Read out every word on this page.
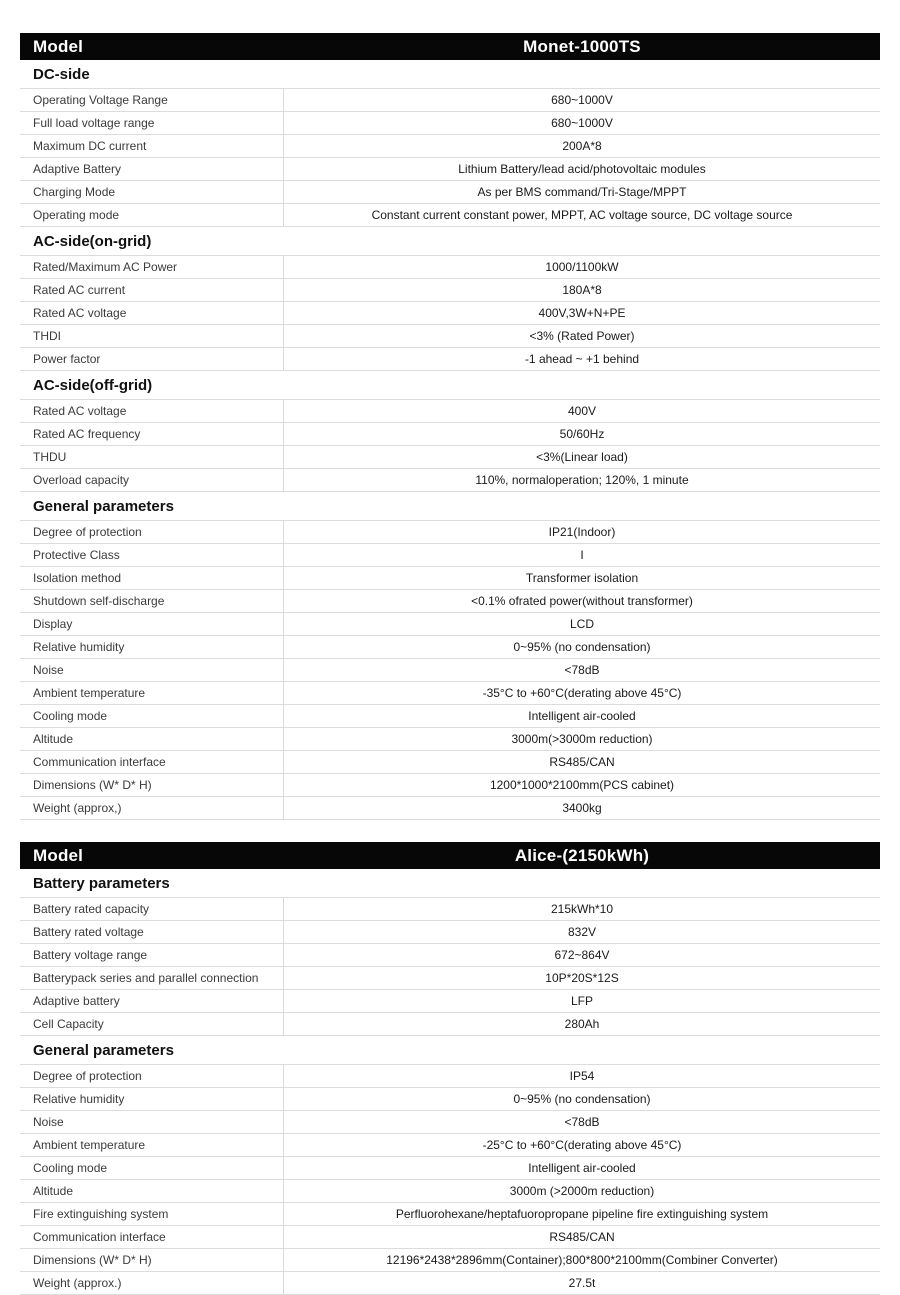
Model	Monet-1000TS
DC-side
Operating Voltage Range	680~1000V
Full load voltage range	680~1000V
Maximum DC current	200A*8
Adaptive Battery	Lithium Battery/lead acid/photovoltaic modules
Charging Mode	As per BMS command/Tri-Stage/MPPT
Operating mode	Constant current constant power, MPPT, AC voltage source, DC voltage source
AC-side(on-grid)
Rated/Maximum AC Power	1000/1100kW
Rated AC current	180A*8
Rated AC voltage	400V,3W+N+PE
THDI	<3% (Rated Power)
Power factor	-1 ahead ~ +1 behind
AC-side(off-grid)
Rated AC voltage	400V
Rated AC frequency	50/60Hz
THDU	<3%(Linear load)
Overload capacity	110%, normaloperation; 120%, 1 minute
General parameters
Degree of protection	IP21(Indoor)
Protective Class	I
Isolation method	Transformer isolation
Shutdown self-discharge	<0.1% ofrated power(without transformer)
Display	LCD
Relative humidity	0~95% (no condensation)
Noise	<78dB
Ambient temperature	-35°C to +60°C(derating above 45°C)
Cooling mode	Intelligent air-cooled
Altitude	3000m(>3000m reduction)
Communication interface	RS485/CAN
Dimensions (W* D* H)	1200*1000*2100mm(PCS cabinet)
Weight (approx,)	3400kg
Model	Alice-(2150kWh)
Battery parameters
Battery rated capacity	215kWh*10
Battery rated voltage	832V
Battery voltage range	672~864V
Batterypack series and parallel connection	10P*20S*12S
Adaptive battery	LFP
Cell Capacity	280Ah
General parameters
Degree of protection	IP54
Relative humidity	0~95% (no condensation)
Noise	<78dB
Ambient temperature	-25°C to +60°C(derating above 45°C)
Cooling mode	Intelligent air-cooled
Altitude	3000m (>2000m reduction)
Fire extinguishing system	Perfluorohexane/heptafuoropropane pipeline fire extinguishing system
Communication interface	RS485/CAN
Dimensions (W* D* H)	12196*2438*2896mm(Container);800*800*2100mm(Combiner Converter)
Weight (approx.)	27.5t
